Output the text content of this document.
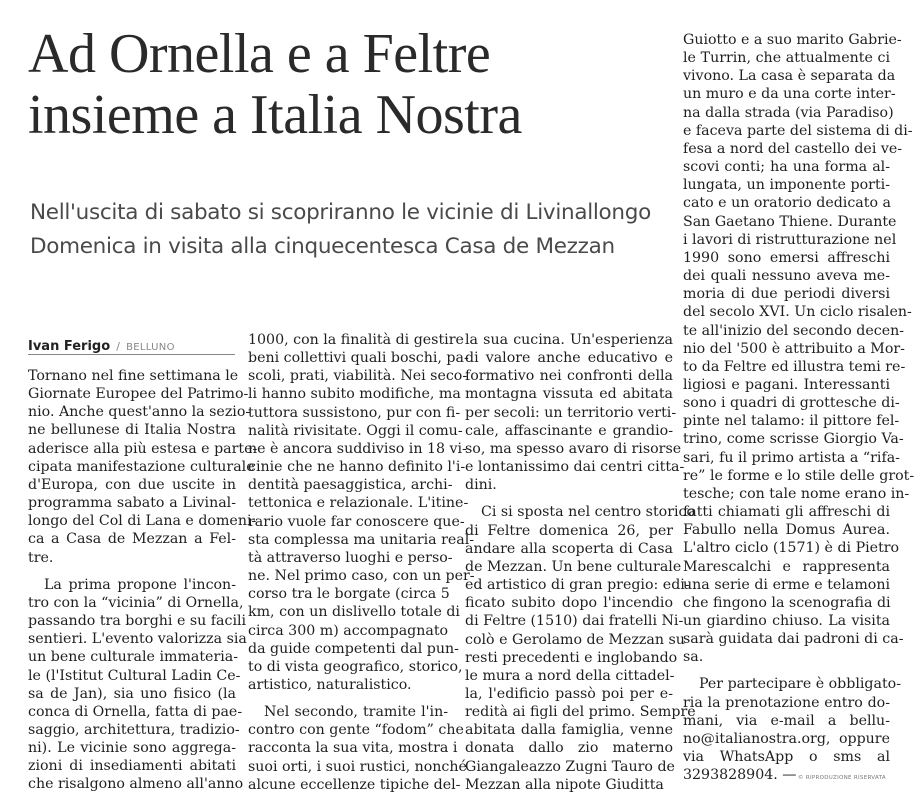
Ad Ornella e a Feltre
insieme a Italia Nostra
Nell'uscita di sabato si scopriranno le vicinie di Livinallongo
Domenica in visita alla cinquecentesca Casa de Mezzan
Ivan Ferigo / BELLUNO
Tornano nel fine settimana le
Giornate Europee del Patrimo-
nio. Anche quest'anno la sezio-
ne bellunese di Italia Nostra
aderisce alla più estesa e parte-
cipata manifestazione culturale
d'Europa, con due uscite in
programma sabato a Livinal-
longo del Col di Lana e domeni-
ca a Casa de Mezzan a Fel-
tre.
La prima propone l'incon-
tro con la “vicinia” di Ornella,
passando tra borghi e su facili
sentieri. L'evento valorizza sia
un bene culturale immateria-
le (l'Istitut Cultural Ladin Ce-
sa de Jan), sia uno fisico (la
conca di Ornella, fatta di pae-
saggio, architettura, tradizio-
ni). Le vicinie sono aggrega-
zioni di insediamenti abitati
che risalgono almeno all'anno
1000, con la finalità di gestire
beni collettivi quali boschi, pa-
scoli, prati, viabilità. Nei seco-
li hanno subito modifiche, ma
tuttora sussistono, pur con fi-
nalità rivisitate. Oggi il comu-
ne è ancora suddiviso in 18 vi-
cinie che ne hanno definito l'i-
dentità paesaggistica, archi-
tettonica e relazionale. L'itine-
rario vuole far conoscere que-
sta complessa ma unitaria real-
tà attraverso luoghi e perso-
ne. Nel primo caso, con un per-
corso tra le borgate (circa 5
km, con un dislivello totale di
circa 300 m) accompagnato
da guide competenti dal pun-
to di vista geografico, storico,
artistico, naturalistico.
Nel secondo, tramite l'in-
contro con gente “fodom” che
racconta la sua vita, mostra i
suoi orti, i suoi rustici, nonché
alcune eccellenze tipiche del-
la sua cucina. Un'esperienza
di valore anche educativo e
formativo nei confronti della
montagna vissuta ed abitata
per secoli: un territorio verti-
cale, affascinante e grandio-
so, ma spesso avaro di risorse
e lontanissimo dai centri citta-
dini.
Ci si sposta nel centro storico
di Feltre domenica 26, per
andare alla scoperta di Casa
de Mezzan. Un bene culturale
ed artistico di gran pregio: edi-
ficato subito dopo l'incendio
di Feltre (1510) dai fratelli Ni-
colò e Gerolamo de Mezzan su
resti precedenti e inglobando
le mura a nord della cittadel-
la, l'edificio passò poi per e-
redità ai figli del primo. Sempre
abitata dalla famiglia, venne
donata dallo zio materno
Giangaleazzo Zugni Tauro de
Mezzan alla nipote Giuditta
Guiotto e a suo marito Gabrie-
le Turrin, che attualmente ci
vivono. La casa è separata da
un muro e da una corte inter-
na dalla strada (via Paradiso)
e faceva parte del sistema di di-
fesa a nord del castello dei ve-
scovi conti; ha una forma al-
lungata, un imponente porti-
cato e un oratorio dedicato a
San Gaetano Thiene. Durante
i lavori di ristrutturazione nel
1990 sono emersi affreschi
dei quali nessuno aveva me-
moria di due periodi diversi
del secolo XVI. Un ciclo risalen-
te all'inizio del secondo decen-
nio del '500 è attribuito a Mor-
to da Feltre ed illustra temi re-
ligiosi e pagani. Interessanti
sono i quadri di grottesche di-
pinte nel talamo: il pittore fel-
trino, come scrisse Giorgio Va-
sari, fu il primo artista a “rifa-
re” le forme e lo stile delle grot-
tesche; con tale nome erano in-
fatti chiamati gli affreschi di
Fabullo nella Domus Aurea.
L'altro ciclo (1571) è di Pietro
Marescalchi e rappresenta
una serie di erme e telamoni
che fingono la scenografia di
un giardino chiuso. La visita
sarà guidata dai padroni di ca-
sa.
Per partecipare è obbligato-
ria la prenotazione entro do-
mani, via e-mail a bellu-
no@italianostra.org, oppure
via WhatsApp o sms al
3293828904. — © RIPRODUZIONE RISERVATA
